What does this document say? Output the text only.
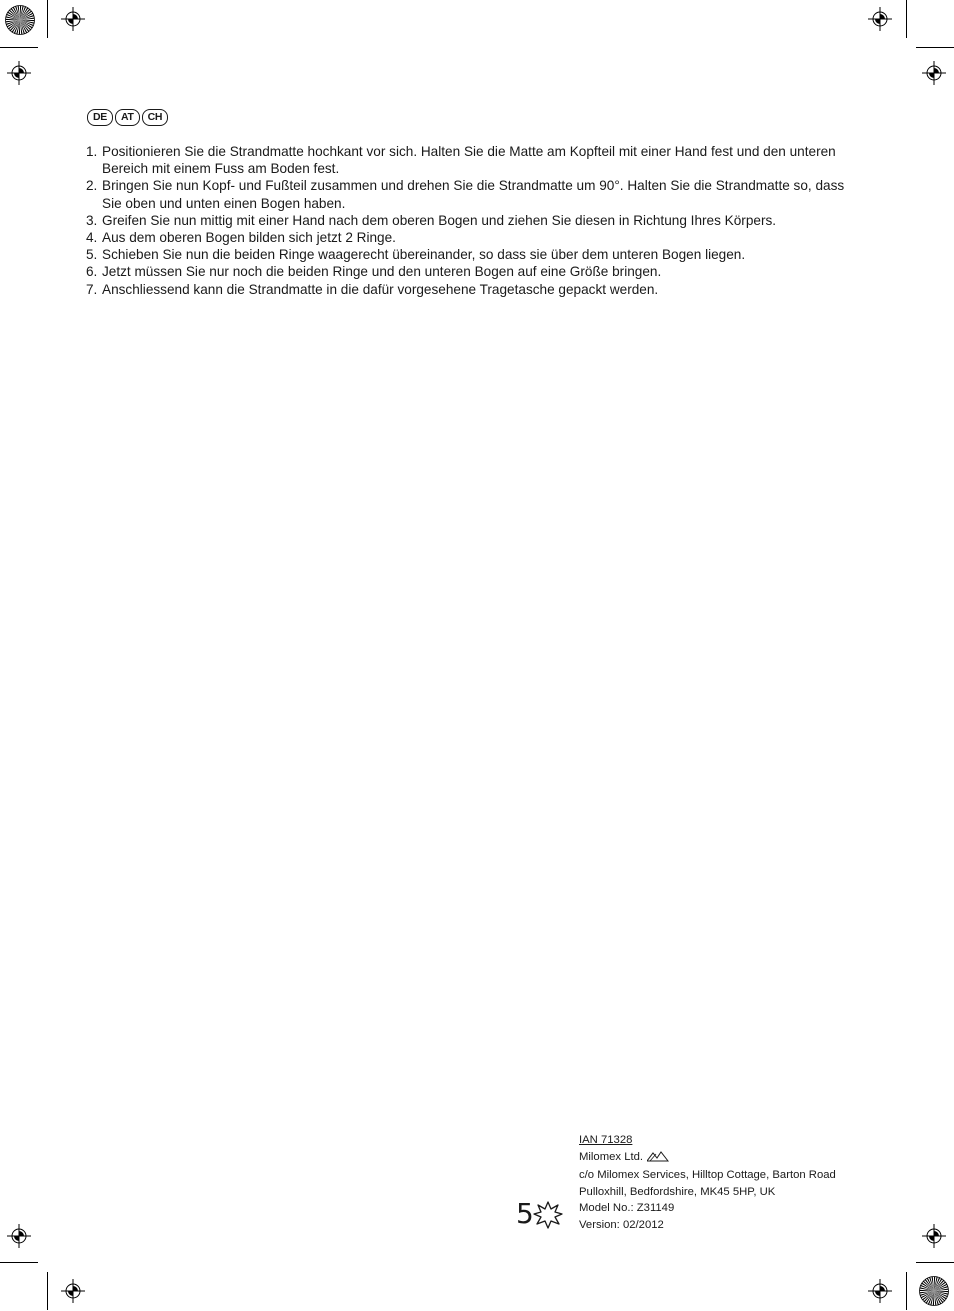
DE	AT	CH
1. Positionieren Sie die Strandmatte hochkant vor sich. Halten Sie die Matte am Kopfteil mit einer Hand fest und den unteren Bereich mit einem Fuss am Boden fest.
2. Bringen Sie nun Kopf- und Fußteil zusammen und drehen Sie die Strandmatte um 90°. Halten Sie die Strandmatte so, dass Sie oben und unten einen Bogen haben.
3. Greifen Sie nun mittig mit einer Hand nach dem oberen Bogen und ziehen Sie diesen in Richtung Ihres Körpers.
4. Aus dem oberen Bogen bilden sich jetzt 2 Ringe.
5. Schieben Sie nun die beiden Ringe waagerecht übereinander, so dass sie über dem unteren Bogen liegen.
6. Jetzt müssen Sie nur noch die beiden Ringe und den unteren Bogen auf eine Größe bringen.
7. Anschliessend kann die Strandmatte in die dafür vorgesehene Tragetasche gepackt werden.
5
IAN 71328
Milomex Ltd.
c/o Milomex Services, Hilltop Cottage, Barton Road
Pulloxhill, Bedfordshire, MK45 5HP, UK
Model No.: Z31149
Version: 02/2012
